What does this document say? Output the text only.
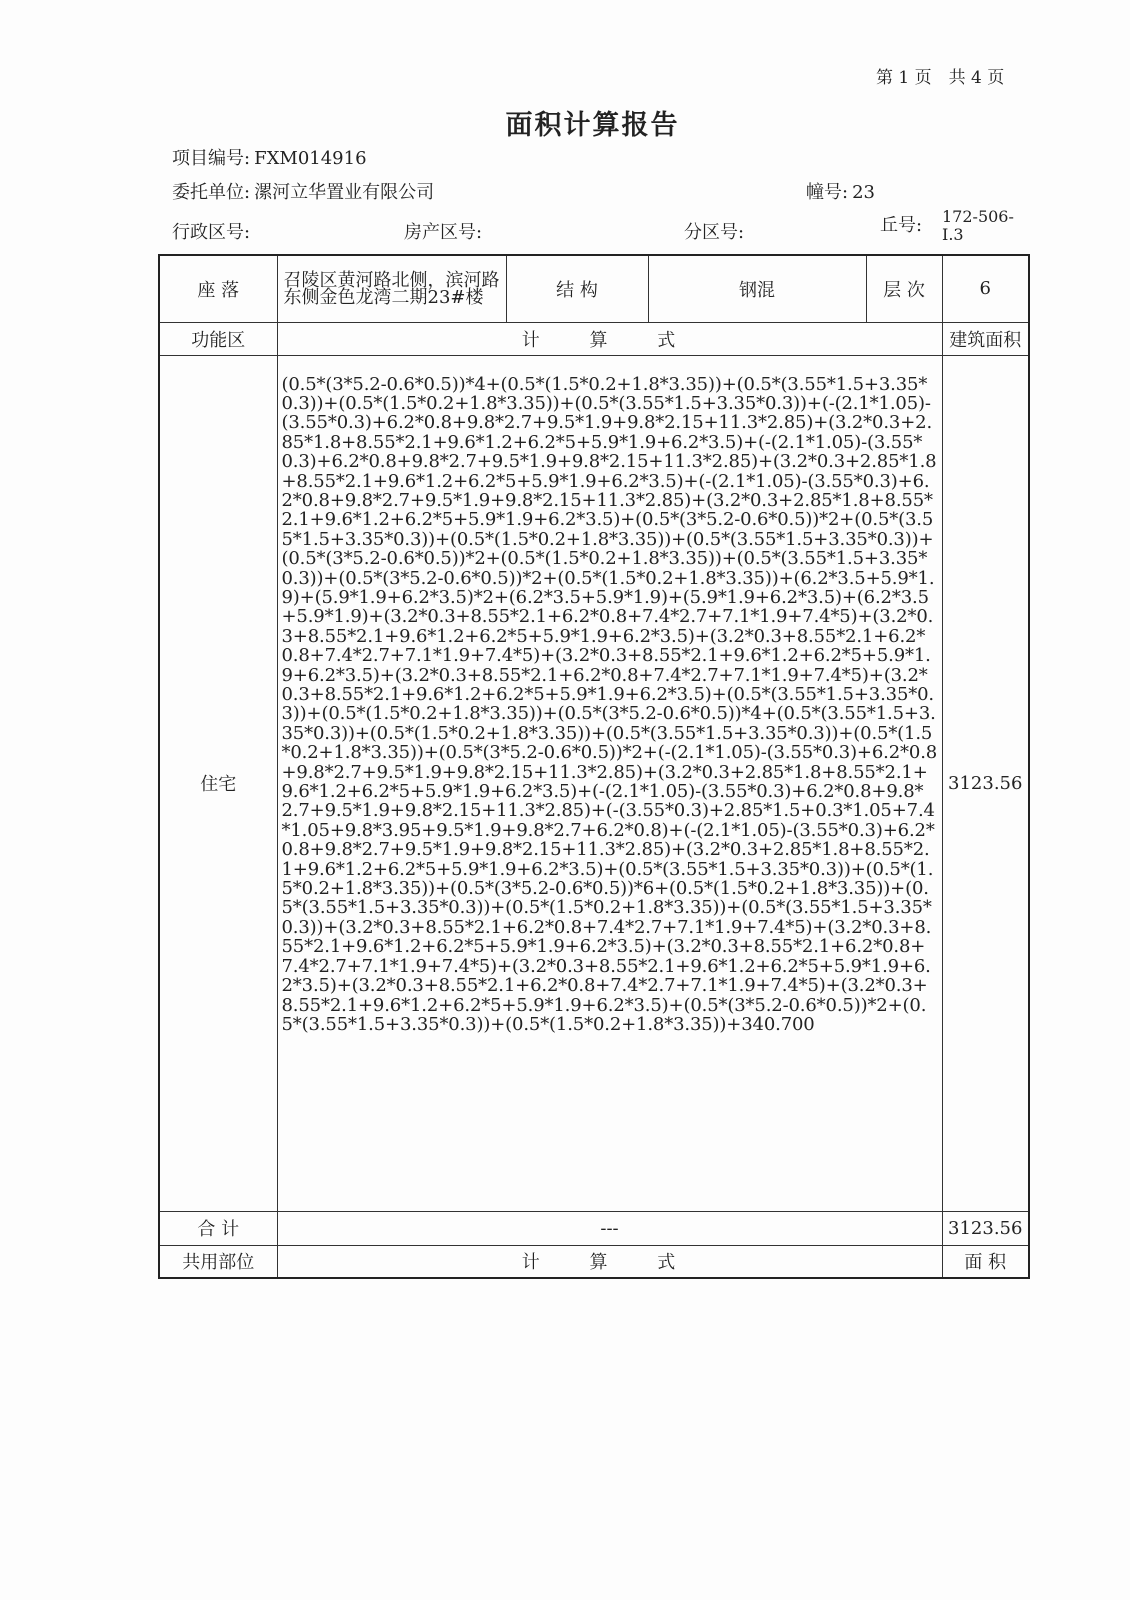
第 1 页　共 4 页
面积计算报告
项目编号: FXM014916
委托单位: 漯河立华置业有限公司	幢号: 23
行政区号:	房产区号:	分区号:	丘号: 172-506-
I.3
座 落	召陵区黄河路北侧，滨河路东侧金色龙湾二期23#楼	结 构	钢混	层 次	6
功能区	计 算 式				建筑面积
住宅	(0.5*(3*5.2-0.6*0.5))*4+(0.5*(1.5*0.2+1.8*3.35))+(0.5*(3.55*1.5+3.35*0.3))+(0.5*(1.5*0.2+1.8*3.35))+(0.5*(3.55*1.5+3.35*0.3))+(-(2.1*1.05)-(3.55*0.3)+6.2*0.8+9.8*2.7+9.5*1.9+9.8*2.15+11.3*2.85)+(3.2*0.3+2.85*1.8+8.55*2.1+9.6*1.2+6.2*5+5.9*1.9+6.2*3.5)+(-(2.1*1.05)-(3.55*0.3)+6.2*0.8+9.8*2.7+9.5*1.9+9.8*2.15+11.3*2.85)+(3.2*0.3+2.85*1.8+8.55*2.1+9.6*1.2+6.2*5+5.9*1.9+6.2*3.5)+(-(2.1*1.05)-(3.55*0.3)+6.2*0.8+9.8*2.7+9.5*1.9+9.8*2.15+11.3*2.85)+(3.2*0.3+2.85*1.8+8.55*2.1+9.6*1.2+6.2*5+5.9*1.9+6.2*3.5)+(0.5*(3*5.2-0.6*0.5))*2+(0.5*(3.55*1.5+3.35*0.3))+(0.5*(1.5*0.2+1.8*3.35))+(0.5*(3.55*1.5+3.35*0.3))+(0.5*(3*5.2-0.6*0.5))*2+(0.5*(1.5*0.2+1.8*3.35))+(0.5*(3.55*1.5+3.35*0.3))+(0.5*(3*5.2-0.6*0.5))*2+(0.5*(1.5*0.2+1.8*3.35))+(6.2*3.5+5.9*1.9)+(5.9*1.9+6.2*3.5)*2+(6.2*3.5+5.9*1.9)+(5.9*1.9+6.2*3.5)+(6.2*3.5+5.9*1.9)+(3.2*0.3+8.55*2.1+6.2*0.8+7.4*2.7+7.1*1.9+7.4*5)+(3.2*0.3+8.55*2.1+9.6*1.2+6.2*5+5.9*1.9+6.2*3.5)+(3.2*0.3+8.55*2.1+6.2*0.8+7.4*2.7+7.1*1.9+7.4*5)+(3.2*0.3+8.55*2.1+9.6*1.2+6.2*5+5.9*1.9+6.2*3.5)+(3.2*0.3+8.55*2.1+6.2*0.8+7.4*2.7+7.1*1.9+7.4*5)+(3.2*0.3+8.55*2.1+9.6*1.2+6.2*5+5.9*1.9+6.2*3.5)+(0.5*(3.55*1.5+3.35*0.3))+(0.5*(1.5*0.2+1.8*3.35))+(0.5*(3*5.2-0.6*0.5))*4+(0.5*(3.55*1.5+3.35*0.3))+(0.5*(1.5*0.2+1.8*3.35))+(0.5*(3.55*1.5+3.35*0.3))+(0.5*(1.5*0.2+1.8*3.35))+(0.5*(3*5.2-0.6*0.5))*2+(-(2.1*1.05)-(3.55*0.3)+6.2*0.8+9.8*2.7+9.5*1.9+9.8*2.15+11.3*2.85)+(3.2*0.3+2.85*1.8+8.55*2.1+9.6*1.2+6.2*5+5.9*1.9+6.2*3.5)+(-(2.1*1.05)-(3.55*0.3)+6.2*0.8+9.8*2.7+9.5*1.9+9.8*2.15+11.3*2.85)+(-(3.55*0.3)+2.85*1.5+0.3*1.05+7.4*1.05+9.8*3.95+9.5*1.9+9.8*2.7+6.2*0.8)+(-(2.1*1.05)-(3.55*0.3)+6.2*0.8+9.8*2.7+9.5*1.9+9.8*2.15+11.3*2.85)+(3.2*0.3+2.85*1.8+8.55*2.1+9.6*1.2+6.2*5+5.9*1.9+6.2*3.5)+(0.5*(3.55*1.5+3.35*0.3))+(0.5*(1.5*0.2+1.8*3.35))+(0.5*(3*5.2-0.6*0.5))*6+(0.5*(1.5*0.2+1.8*3.35))+(0.5*(3.55*1.5+3.35*0.3))+(0.5*(1.5*0.2+1.8*3.35))+(0.5*(3.55*1.5+3.35*0.3))+(3.2*0.3+8.55*2.1+6.2*0.8+7.4*2.7+7.1*1.9+7.4*5)+(3.2*0.3+8.55*2.1+9.6*1.2+6.2*5+5.9*1.9+6.2*3.5)+(3.2*0.3+8.55*2.1+6.2*0.8+7.4*2.7+7.1*1.9+7.4*5)+(3.2*0.3+8.55*2.1+9.6*1.2+6.2*5+5.9*1.9+6.2*3.5)+(3.2*0.3+8.55*2.1+6.2*0.8+7.4*2.7+7.1*1.9+7.4*5)+(3.2*0.3+8.55*2.1+9.6*1.2+6.2*5+5.9*1.9+6.2*3.5)+(0.5*(3*5.2-0.6*0.5))*2+(0.5*(3.55*1.5+3.35*0.3))+(0.5*(1.5*0.2+1.8*3.35))+340.700				3123.56
合 计	---				3123.56
共用部位	计 算 式				面 积
